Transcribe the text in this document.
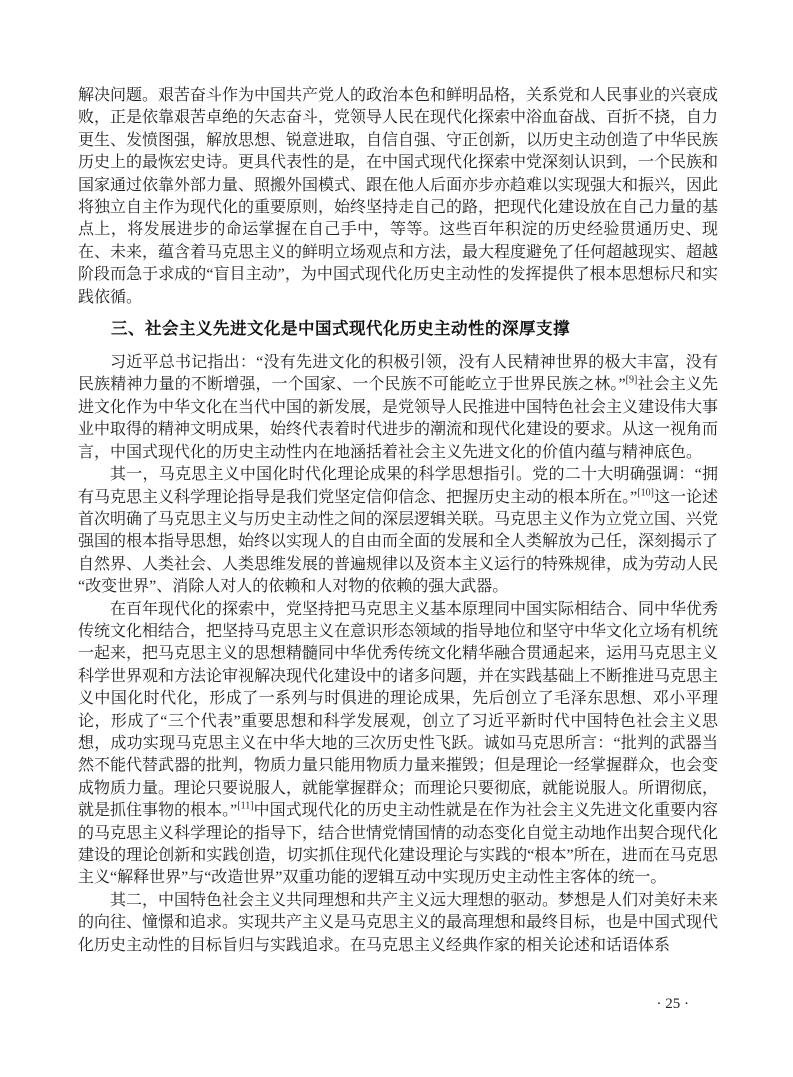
解决问题。艰苦奋斗作为中国共产党人的政治本色和鲜明品格，关系党和人民事业的兴衰成败，正是依靠艰苦卓绝的矢志奋斗，党领导人民在现代化探索中浴血奋战、百折不挠，自力更生、发愤图强，解放思想、锐意进取，自信自强、守正创新，以历史主动创造了中华民族历史上的最恢宏史诗。更具代表性的是，在中国式现代化探索中党深刻认识到，一个民族和国家通过依靠外部力量、照搬外国模式、跟在他人后面亦步亦趋难以实现强大和振兴，因此将独立自主作为现代化的重要原则，始终坚持走自己的路，把现代化建设放在自己力量的基点上，将发展进步的命运掌握在自己手中，等等。这些百年积淀的历史经验贯通历史、现在、未来，蕴含着马克思主义的鲜明立场观点和方法，最大程度避免了任何超越现实、超越阶段而急于求成的“盲目主动”，为中国式现代化历史主动性的发挥提供了根本思想标尺和实践依循。

三、社会主义先进文化是中国式现代化历史主动性的深厚支撑

习近平总书记指出：“没有先进文化的积极引领，没有人民精神世界的极大丰富，没有民族精神力量的不断增强，一个国家、一个民族不可能屹立于世界民族之林。”[9]社会主义先进文化作为中华文化在当代中国的新发展，是党领导人民推进中国特色社会主义建设伟大事业中取得的精神文明成果，始终代表着时代进步的潮流和现代化建设的要求。从这一视角而言，中国式现代化的历史主动性内在地涵括着社会主义先进文化的价值内蕴与精神底色。

其一，马克思主义中国化时代化理论成果的科学思想指引。党的二十大明确强调：“拥有马克思主义科学理论指导是我们党坚定信仰信念、把握历史主动的根本所在。”[10]这一论述首次明确了马克思主义与历史主动性之间的深层逻辑关联。马克思主义作为立党立国、兴党强国的根本指导思想，始终以实现人的自由而全面的发展和全人类解放为己任，深刻揭示了自然界、人类社会、人类思维发展的普遍规律以及资本主义运行的特殊规律，成为劳动人民“改变世界”、消除人对人的依赖和人对物的依赖的强大武器。

在百年现代化的探索中，党坚持把马克思主义基本原理同中国实际相结合、同中华优秀传统文化相结合，把坚持马克思主义在意识形态领域的指导地位和坚守中华文化立场有机统一起来，把马克思主义的思想精髓同中华优秀传统文化精华融合贯通起来，运用马克思主义科学世界观和方法论审视解决现代化建设中的诸多问题，并在实践基础上不断推进马克思主义中国化时代化，形成了一系列与时俱进的理论成果，先后创立了毛泽东思想、邓小平理论，形成了“三个代表”重要思想和科学发展观，创立了习近平新时代中国特色社会主义思想，成功实现马克思主义在中华大地的三次历史性飞跃。诚如马克思所言：“批判的武器当然不能代替武器的批判，物质力量只能用物质力量来摧毁；但是理论一经掌握群众，也会变成物质力量。理论只要说服人，就能掌握群众；而理论只要彻底，就能说服人。所谓彻底，就是抓住事物的根本。”[11]中国式现代化的历史主动性就是在作为社会主义先进文化重要内容的马克思主义科学理论的指导下，结合世情党情国情的动态变化自觉主动地作出契合现代化建设的理论创新和实践创造，切实抓住现代化建设理论与实践的“根本”所在，进而在马克思主义“解释世界”与“改造世界”双重功能的逻辑互动中实现历史主动性主客体的统一。

其二，中国特色社会主义共同理想和共产主义远大理想的驱动。梦想是人们对美好未来的向往、憧憬和追求。实现共产主义是马克思主义的最高理想和最终目标，也是中国式现代化历史主动性的目标旨归与实践追求。在马克思主义经典作家的相关论述和话语体系

· 25 ·
